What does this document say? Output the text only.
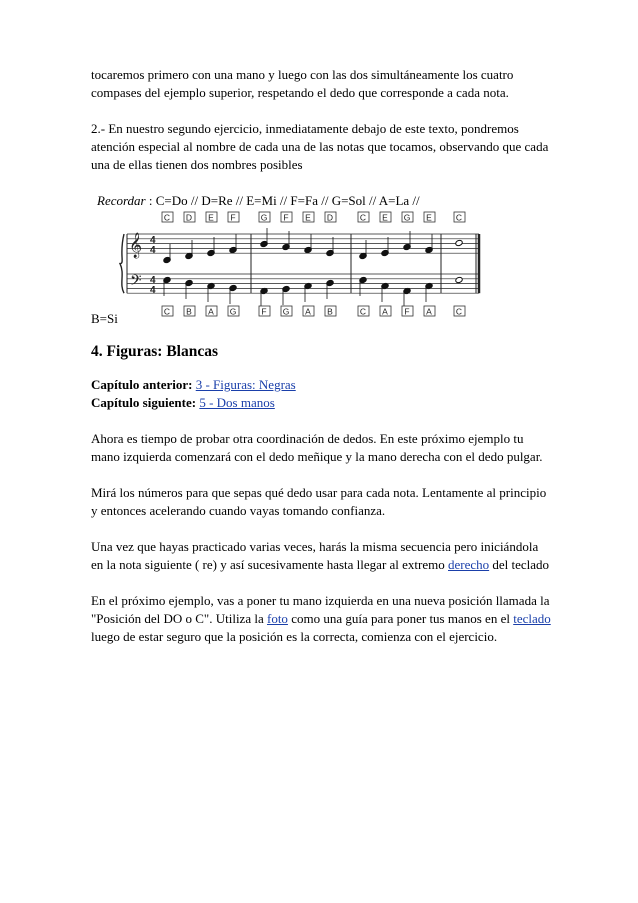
tocaremos primero con una mano y luego con las dos simultáneamente los cuatro compases del ejemplo superior, respetando el dedo que corresponde a cada nota.

2.- En nuestro segundo ejercicio, inmediatamente debajo de este texto, pondremos atención especial al nombre de cada una de las notas que tocamos, observando que cada una de ellas tienen dos nombres posibles

Recordar : C=Do // D=Re // E=Mi // F=Fa // G=Sol // A=La //

C D E F	G F E D	C E G E	C
𝄞
𝄢
4
4
4
4
C B A G	F G A B	C A F A	C

B=Si

4. Figuras: Blancas

Capítulo anterior: 3 - Figuras: Negras

Capítulo siguiente: 5 - Dos manos

Ahora es tiempo de probar otra coordinación de dedos. En este próximo ejemplo tu mano izquierda comenzará con el dedo meñique y la mano derecha con el dedo pulgar.

Mirá los números para que sepas qué dedo usar para cada nota. Lentamente al principio y entonces acelerando cuando vayas tomando confianza.

Una vez que hayas practicado varias veces, harás la misma secuencia pero iniciándola en la nota siguiente ( re) y así sucesivamente hasta llegar al extremo derecho del teclado

En el próximo ejemplo, vas a poner tu mano izquierda en una nueva posición llamada la "Posición del DO o C". Utiliza la foto como una guía para poner tus manos en el teclado luego de estar seguro que la posición es la correcta, comienza con el ejercicio.
